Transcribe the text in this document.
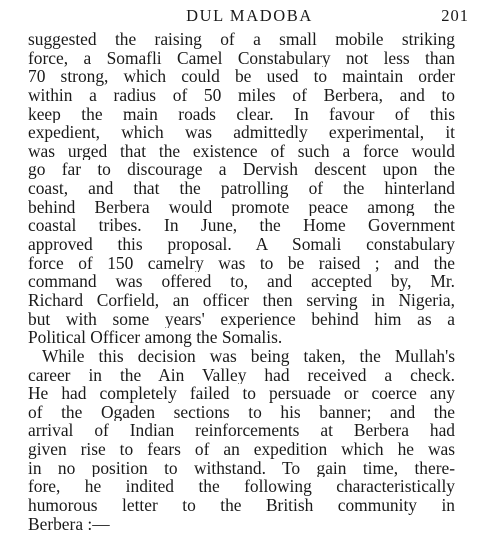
DUL MADOBA	201
suggested the raising of a small mobile striking
force, a Somafli Camel Constabulary not less than
70 strong, which could be used to maintain order
within a radius of 50 miles of Berbera, and to
keep the main roads clear. In favour of this
expedient, which was admittedly experimental, it
was urged that the existence of such a force would
go far to discourage a Dervish descent upon the
coast, and that the patrolling of the hinterland
behind Berbera would promote peace among the
coastal tribes. In June, the Home Government
approved this proposal. A Somali constabulary
force of 150 camelry was to be raised ; and the
command was offered to, and accepted by, Mr.
Richard Corfield, an officer then serving in Nigeria,
but with some years' experience behind him as a
Political Officer among the Somalis.
While this decision was being taken, the Mullah's
career in the Ain Valley had received a check.
He had completely failed to persuade or coerce any
of the Ogaden sections to his banner; and the
arrival of Indian reinforcements at Berbera had
given rise to fears of an expedition which he was
in no position to withstand. To gain time, there-
fore, he indited the following characteristically
humorous letter to the British community in
Berbera :—
